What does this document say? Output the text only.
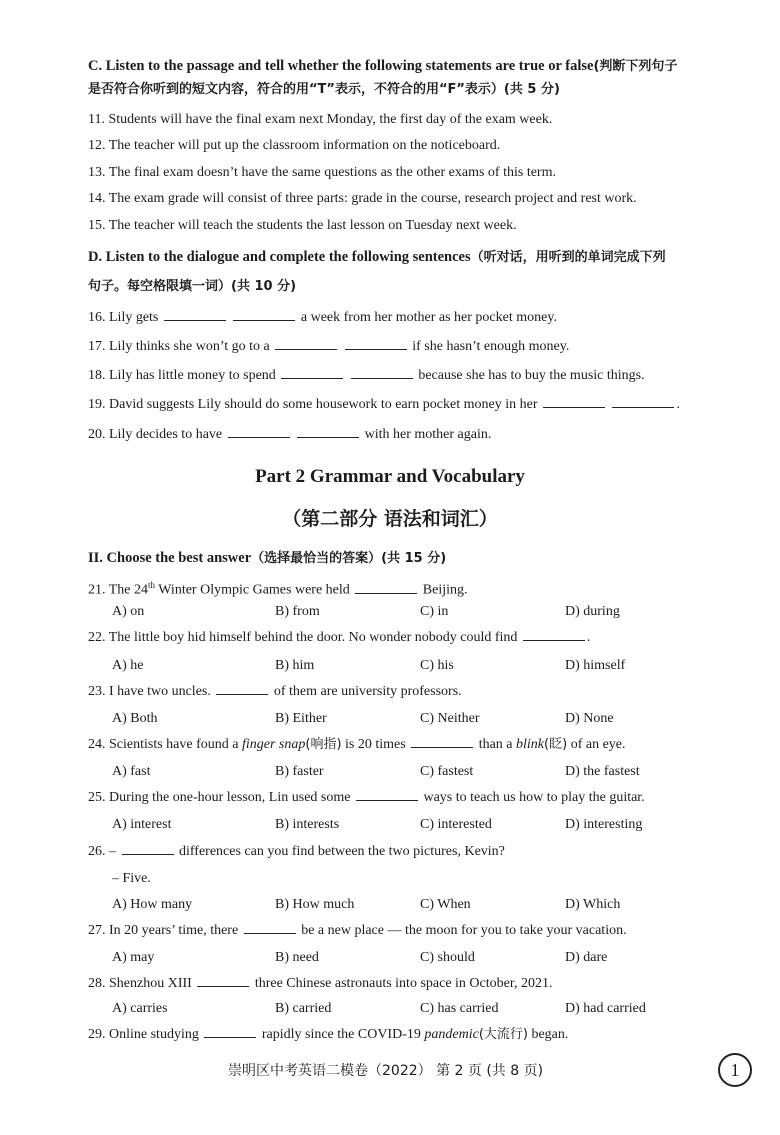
C. Listen to the passage and tell whether the following statements are true or false(判断下列句子
是否符合你听到的短文内容，符合的用“T”表示，不符合的用“F”表示）(共 5 分)
11. Students will have the final exam next Monday, the first day of the exam week.
12. The teacher will put up the classroom information on the noticeboard.
13. The final exam doesn’t have the same questions as the other exams of this term.
14. The exam grade will consist of three parts: grade in the course, research project and rest work.
15. The teacher will teach the students the last lesson on Tuesday next week.
D. Listen to the dialogue and complete the following sentences（听对话，用听到的单词完成下列
句子。每空格限填一词）(共 10 分)
16. Lily gets	a week from her mother as her pocket money.
17. Lily thinks she won’t go to a	if she hasn’t enough money.
18. Lily has little money to spend	because she has to buy the music things.
19. David suggests Lily should do some housework to earn pocket money in her	.
20. Lily decides to have	with her mother again.
Part 2 Grammar and Vocabulary
（第二部分 语法和词汇）
II. Choose the best answer（选择最恰当的答案）(共 15 分)
21. The 24th Winter Olympic Games were held	Beijing.
A) on	B) from	C) in	D) during
22. The little boy hid himself behind the door. No wonder nobody could find	.
A) he	B) him	C) his	D) himself
23. I have two uncles.	of them are university professors.
A) Both	B) Either	C) Neither	D) None
24. Scientists have found a finger snap(响指) is 20 times	than a blink(眨) of an eye.
A) fast	B) faster	C) fastest	D) the fastest
25. During the one-hour lesson, Lin used some	ways to teach us how to play the guitar.
A) interest	B) interests	C) interested	D) interesting
26. –	differences can you find between the two pictures, Kevin?
– Five.
A) How many	B) How much	C) When	D) Which
27. In 20 years’ time, there	be a new place — the moon for you to take your vacation.
A) may	B) need	C) should	D) dare
28. Shenzhou XIII	three Chinese astronauts into space in October, 2021.
A) carries	B) carried	C) has carried	D) had carried
29. Online studying	rapidly since the COVID-19 pandemic(大流行) began.
崇明区中考英语二模卷（2022） 第 2 页 (共 8 页)	1
